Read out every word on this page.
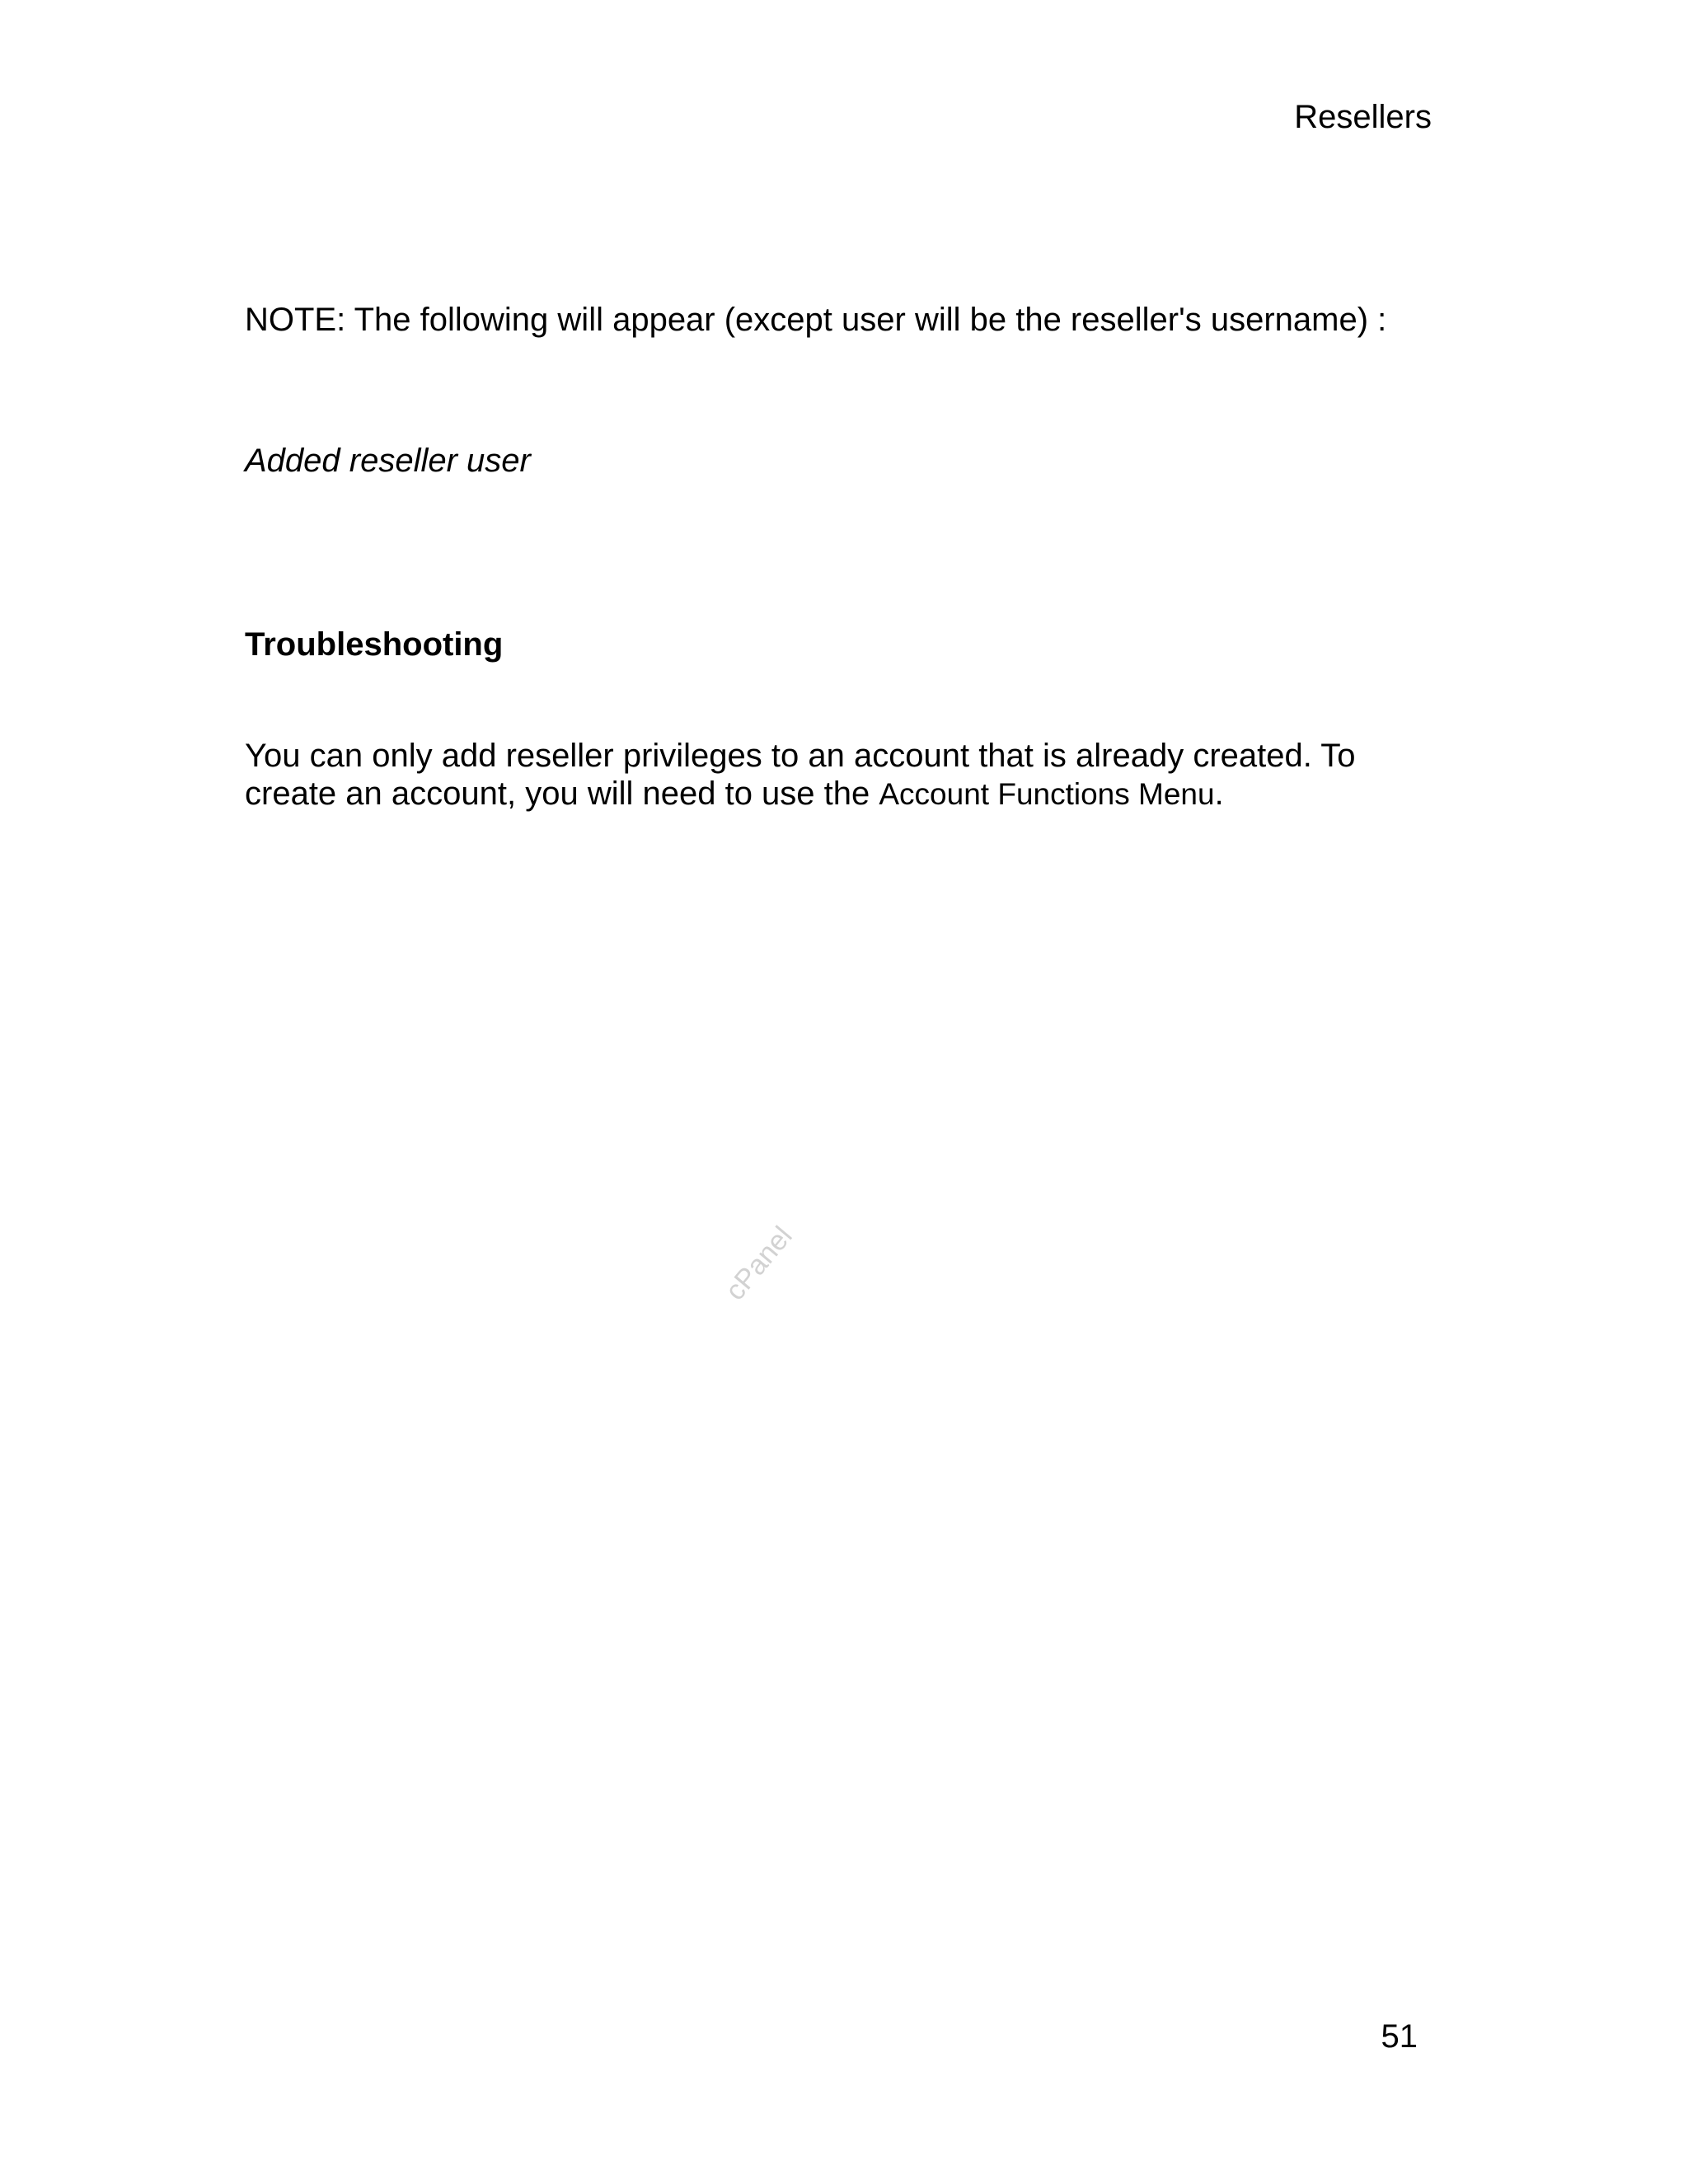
Resellers
NOTE: The following will appear (except user will be the reseller's username) :
Added reseller user
Troubleshooting

You can only add reseller privileges to an account that is already created. To
create an account, you will need to use the Account Functions Menu.

cPanel
51
